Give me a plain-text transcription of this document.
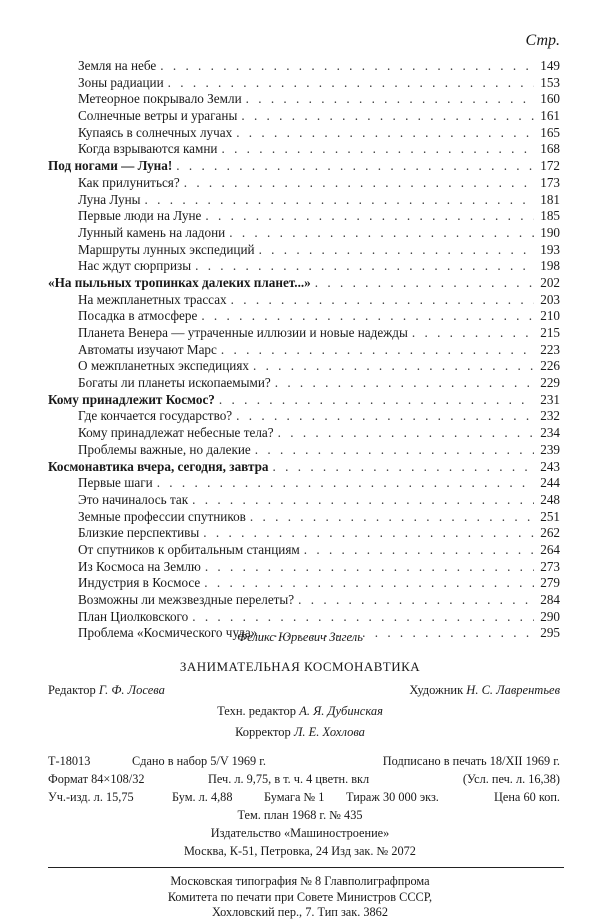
Стр.
Земля на небе . . .	149
Зоны радиации . . .	153
Метеорное покрывало Земли . . .	160
Солнечные ветры и ураганы . . .	161
Купаясь в солнечных лучах . . .	165
Когда взрываются камни . . .	168
Под ногами — Луна! . . .	172
Как прилуниться? . . .	173
Луна Луны . . .	181
Первые люди на Луне . . .	185
Лунный камень на ладони . . .	190
Маршруты лунных экспедиций . . .	193
Нас ждут сюрпризы . . .	198
«На пыльных тропинках далеких планет...» . . .	202
На межпланетных трассах . . .	203
Посадка в атмосфере . . .	210
Планета Венера — утраченные иллюзии и новые надежды . . .	215
Автоматы изучают Марс . . .	223
О межпланетных экспедициях . . .	226
Богаты ли планеты ископаемыми? . . .	229
Кому принадлежит Космос? . . .	231
Где кончается государство? . . .	232
Кому принадлежат небесные тела? . . .	234
Проблемы важные, но далекие . . .	239
Космонавтика вчера, сегодня, завтра . . .	243
Первые шаги . . .	244
Это начиналось так . . .	248
Земные профессии спутников . . .	251
Близкие перспективы . . .	262
От спутников к орбитальным станциям . . .	264
Из Космоса на Землю . . .	273
Индустрия в Космосе . . .	279
Возможны ли межзвездные перелеты? . . .	284
План Циолковского . . .	290
Проблема «Космического чуда» . . .	295
Феликс Юрьевич Зигель
ЗАНИМАТЕЛЬНАЯ КОСМОНАВТИКА
Редактор Г. Ф. Лосева	Художник Н. С. Лаврентьев
Техн. редактор А. Я. Дубинская
Корректор Л. Е. Хохлова
Т-18013	Сдано в набор 5/V 1969 г.	Подписано в печать 18/XII 1969 г.
Формат 84×108/32	Печ. л. 9,75, в т. ч. 4 цветн. вкл	(Усл. печ. л. 16,38)
Уч.-изд. л. 15,75	Бум. л. 4,88	Бумага № 1 Тираж 30 000 экз.	Цена 60 коп.
Тем. план 1968 г. № 435
Издательство «Машиностроение»
Москва, К-51, Петровка, 24 Изд зак. № 2072
Московская типография № 8 Главполиграфпрома
Комитета по печати при Совете Министров СССР,
Хохловский пер., 7. Тип зак. 3862
